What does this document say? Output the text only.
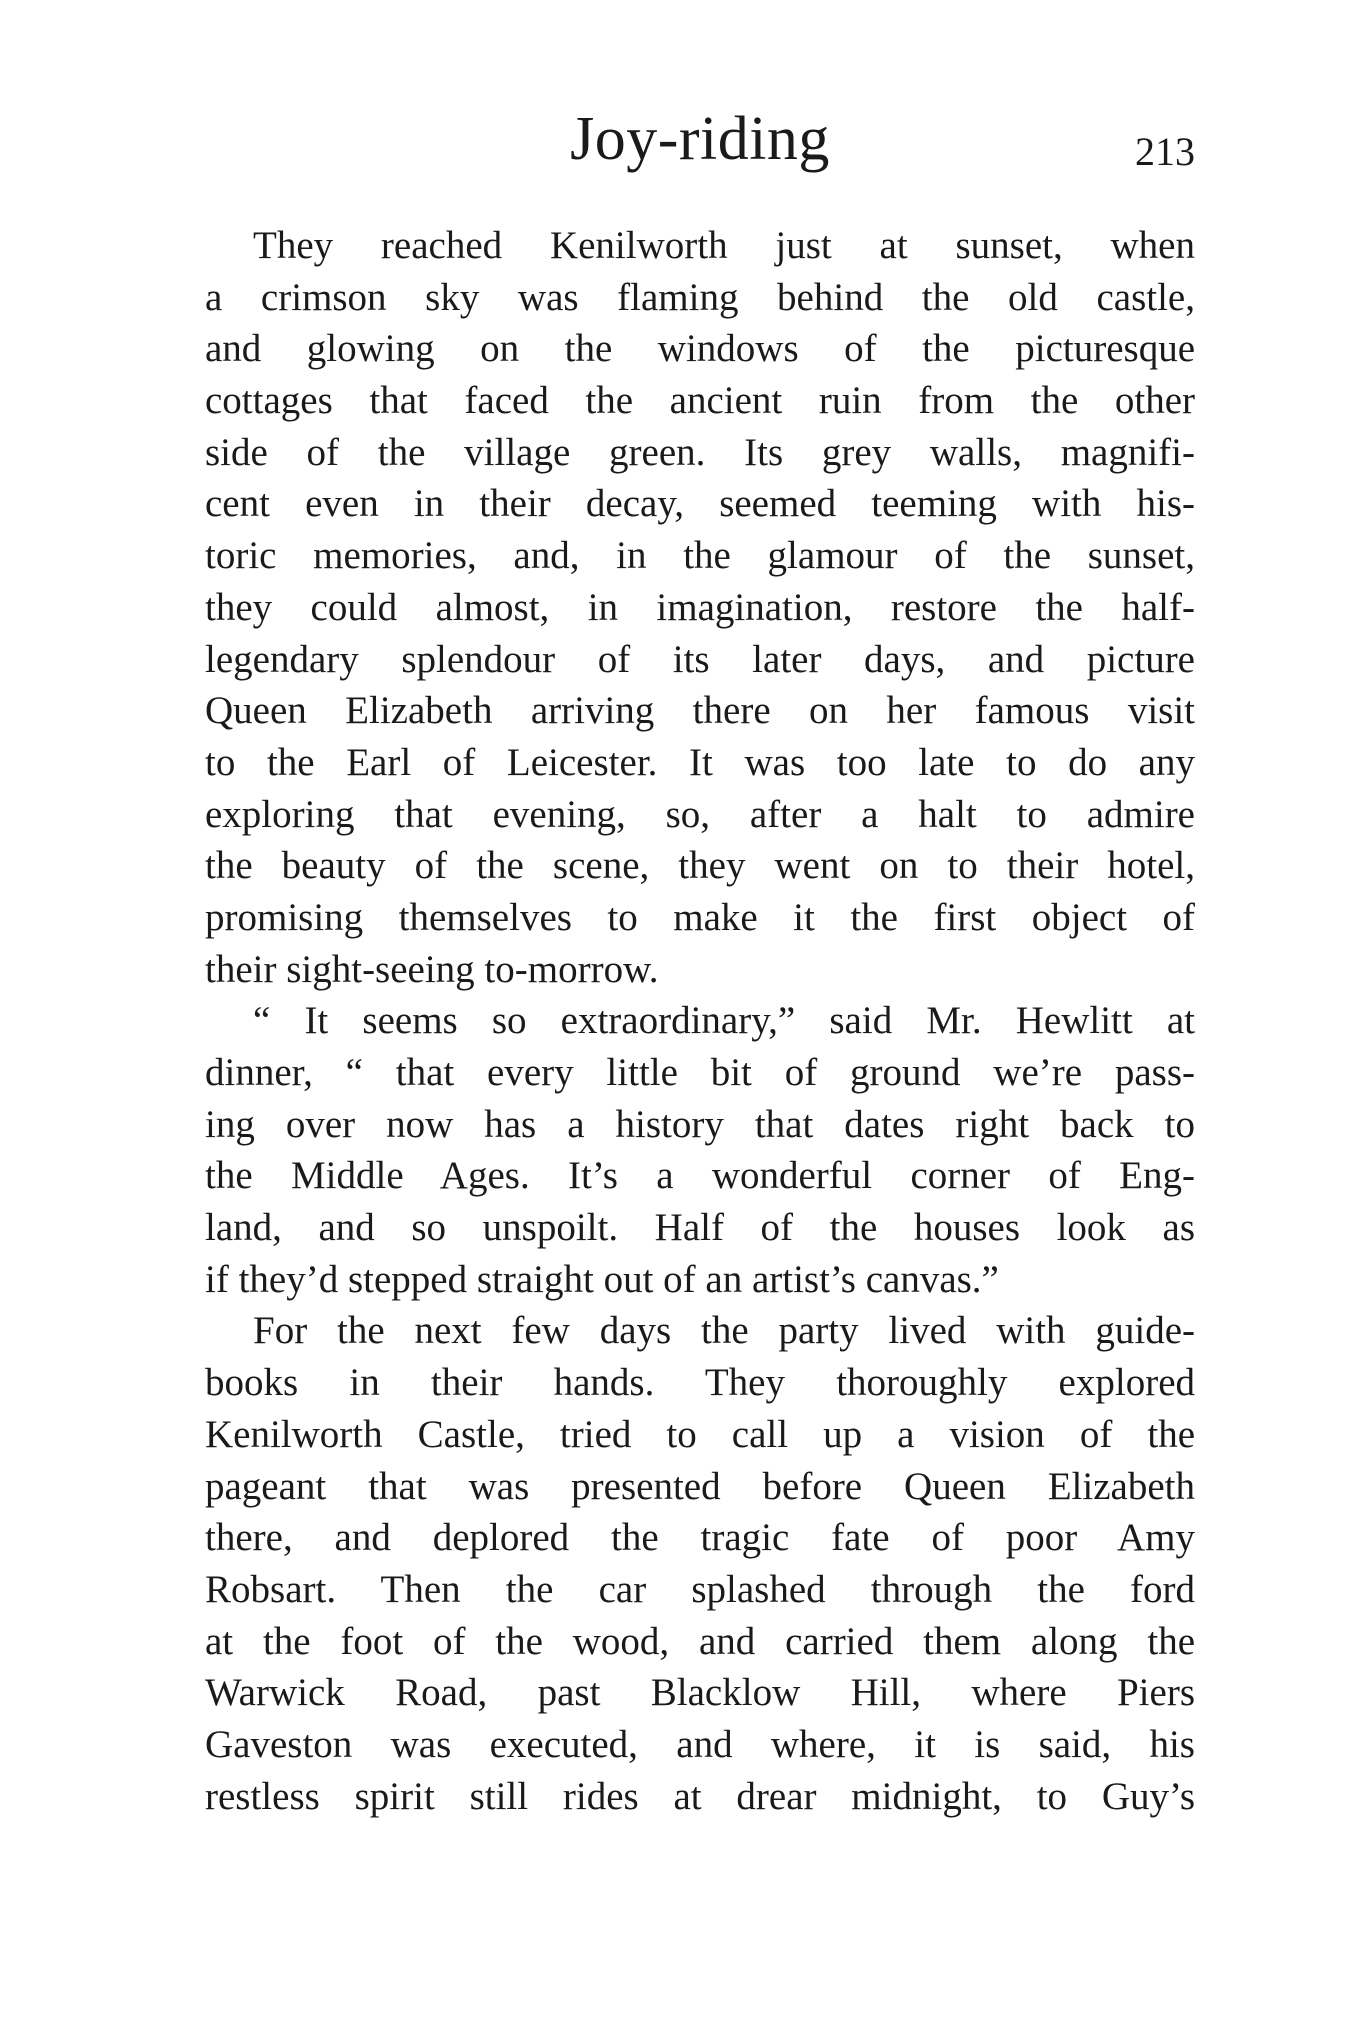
Joy-riding	213
They reached Kenilworth just at sunset, when
a crimson sky was flaming behind the old castle,
and glowing on the windows of the picturesque
cottages that faced the ancient ruin from the other
side of the village green. Its grey walls, magnifi-
cent even in their decay, seemed teeming with his-
toric memories, and, in the glamour of the sunset,
they could almost, in imagination, restore the half-
legendary splendour of its later days, and picture
Queen Elizabeth arriving there on her famous visit
to the Earl of Leicester. It was too late to do any
exploring that evening, so, after a halt to admire
the beauty of the scene, they went on to their hotel,
promising themselves to make it the first object of
their sight-seeing to-morrow.
“ It seems so extraordinary,” said Mr. Hewlitt at
dinner, “ that every little bit of ground we’re pass-
ing over now has a history that dates right back to
the Middle Ages. It’s a wonderful corner of Eng-
land, and so unspoilt. Half of the houses look as
if they’d stepped straight out of an artist’s canvas.”
For the next few days the party lived with guide-
books in their hands. They thoroughly explored
Kenilworth Castle, tried to call up a vision of the
pageant that was presented before Queen Elizabeth
there, and deplored the tragic fate of poor Amy
Robsart. Then the car splashed through the ford
at the foot of the wood, and carried them along the
Warwick Road, past Blacklow Hill, where Piers
Gaveston was executed, and where, it is said, his
restless spirit still rides at drear midnight, to Guy’s
